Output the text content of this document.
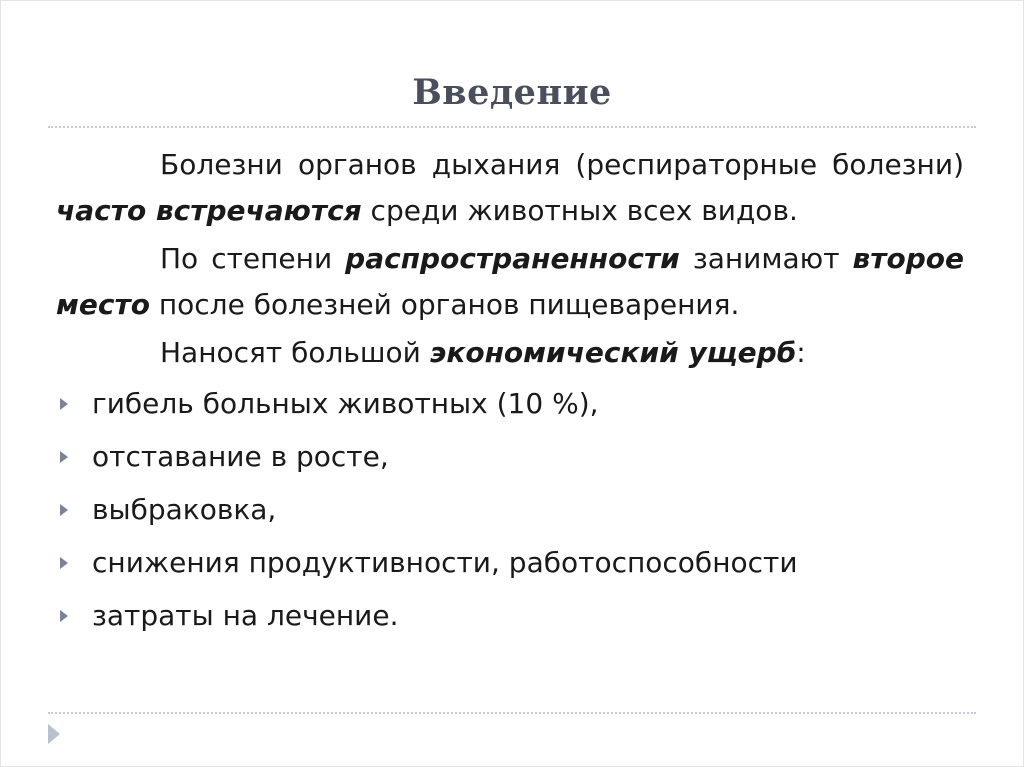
Введение

Болезни органов дыхания (респираторные болезни) часто встречаются среди животных всех видов.

По степени распространенности занимают второе место после болезней органов пищеварения.

Наносят большой экономический ущерб:

гибель больных животных (10 %),
отставание в росте,
выбраковка,
снижения продуктивности, работоспособности
затраты на лечение.
